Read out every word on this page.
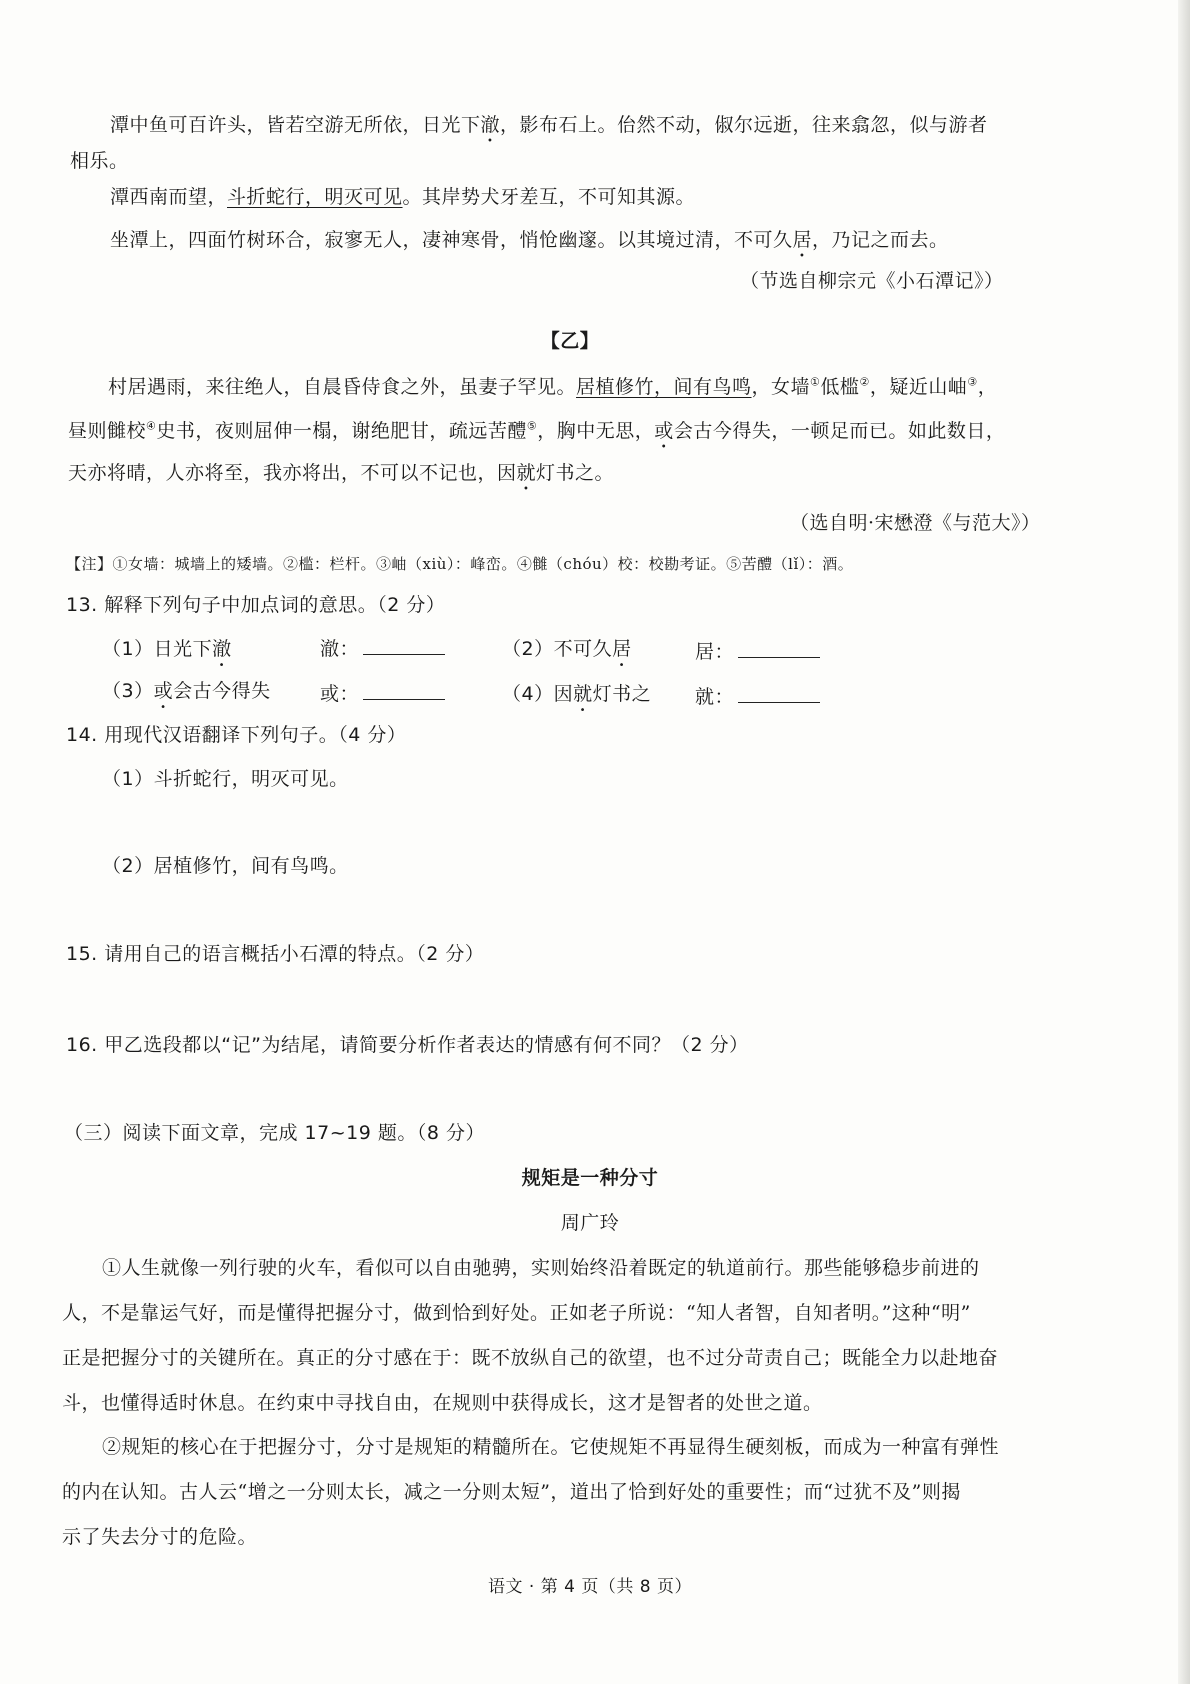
潭中鱼可百许头，皆若空游无所依，日光下澈，影布石上。佁然不动，俶尔远逝，往来翕忽，似与游者
相乐。
潭西南而望，斗折蛇行，明灭可见。其岸势犬牙差互，不可知其源。
坐潭上，四面竹树环合，寂寥无人，凄神寒骨，悄怆幽邃。以其境过清，不可久居，乃记之而去。
（节选自柳宗元《小石潭记》）
【乙】
村居遇雨，来往绝人，自晨昏侍食之外，虽妻子罕见。居植修竹，间有鸟鸣，女墙①低槛②，疑近山岫③，
昼则雠校④史书，夜则屈伸一榻，谢绝肥甘，疏远苦醴⑤，胸中无思，或会古今得失，一顿足而已。如此数日，
天亦将晴，人亦将至，我亦将出，不可以不记也，因就灯书之。
（选自明·宋懋澄《与范大》）
【注】①女墙：城墙上的矮墙。②槛：栏杆。③岫（xiù）：峰峦。④雠（chóu）校：校勘考证。⑤苦醴（lǐ）：酒。
13. 解释下列句子中加点词的意思。（2 分）
（1）日光下澈	澈：	（2）不可久居	居：
（3）或会古今得失	或：	（4）因就灯书之 就：
14. 用现代汉语翻译下列句子。（4 分）
（1）斗折蛇行，明灭可见。
（2）居植修竹，间有鸟鸣。
15. 请用自己的语言概括小石潭的特点。（2 分）
16. 甲乙选段都以“记”为结尾，请简要分析作者表达的情感有何不同？（2 分）
（三）阅读下面文章，完成 17~19 题。（8 分）
规矩是一种分寸
周广玲
①人生就像一列行驶的火车，看似可以自由驰骋，实则始终沿着既定的轨道前行。那些能够稳步前进的
人，不是靠运气好，而是懂得把握分寸，做到恰到好处。正如老子所说：“知人者智，自知者明。”这种“明”
正是把握分寸的关键所在。真正的分寸感在于：既不放纵自己的欲望，也不过分苛责自己；既能全力以赴地奋
斗，也懂得适时休息。在约束中寻找自由，在规则中获得成长，这才是智者的处世之道。
②规矩的核心在于把握分寸，分寸是规矩的精髓所在。它使规矩不再显得生硬刻板，而成为一种富有弹性
的内在认知。古人云“增之一分则太长，减之一分则太短”，道出了恰到好处的重要性；而“过犹不及”则揭
示了失去分寸的危险。
语文 · 第 4 页（共 8 页）
